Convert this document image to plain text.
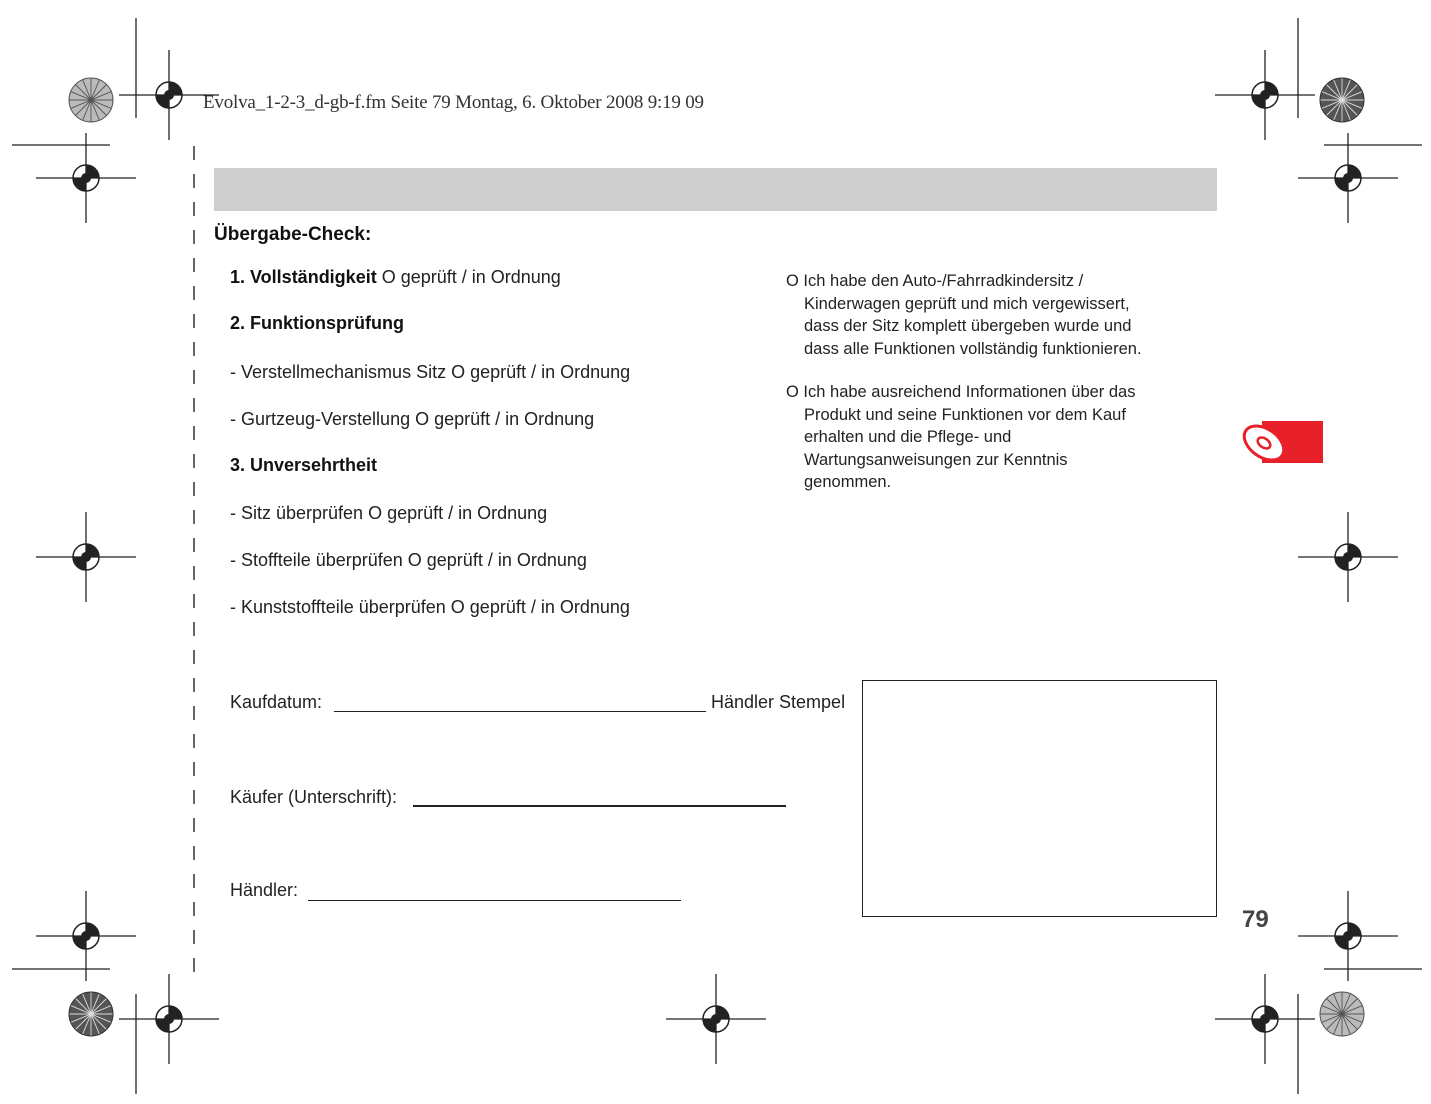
Evolva_1-2-3_d-gb-f.fm Seite 79 Montag, 6. Oktober 2008 9:19 09
Übergabe-Check:
1. Vollständigkeit O geprüft / in Ordnung
2. Funktionsprüfung
- Verstellmechanismus Sitz O geprüft / in Ordnung
- Gurtzeug-Verstellung O geprüft / in Ordnung
3. Unversehrtheit
- Sitz überprüfen O geprüft / in Ordnung
- Stoffteile überprüfen O geprüft / in Ordnung
- Kunststoffteile überprüfen O geprüft / in Ordnung
O Ich habe den Auto-/Fahrradkindersitz /
Kinderwagen geprüft und mich vergewissert,
dass der Sitz komplett übergeben wurde und
dass alle Funktionen vollständig funktionieren.
O Ich habe ausreichend Informationen über das
Produkt und seine Funktionen vor dem Kauf
erhalten und die Pflege- und
Wartungsanweisungen zur Kenntnis
genommen.
Kaufdatum:	Händler Stempel
Käufer (Unterschrift):
Händler:
79
